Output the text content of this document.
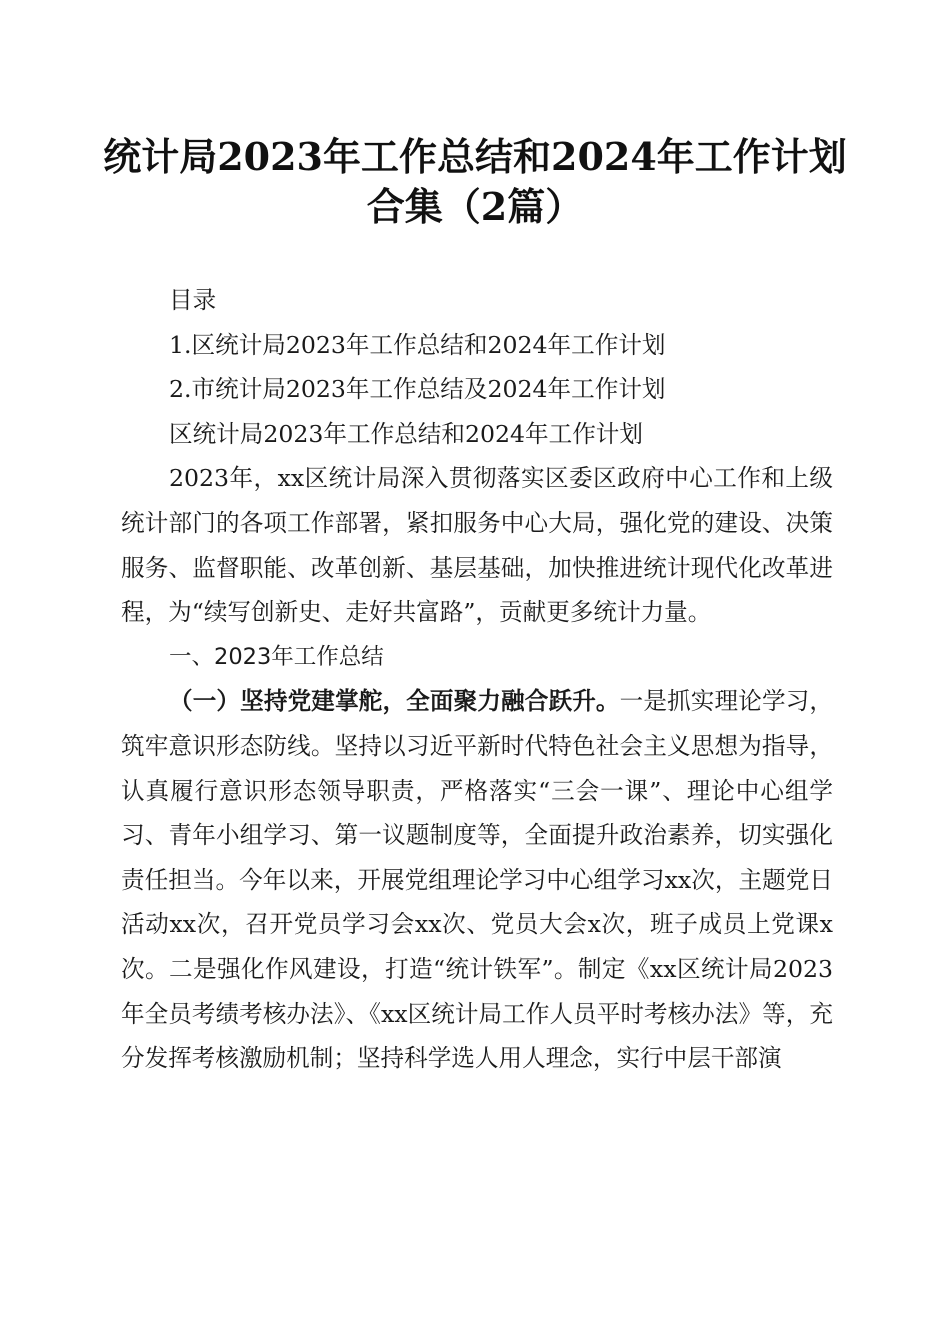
统计局2023年工作总结和2024年工作计划合集（2篇）

目录

1.区统计局2023年工作总结和2024年工作计划

2.市统计局2023年工作总结及2024年工作计划

区统计局2023年工作总结和2024年工作计划

2023年，xx区统计局深入贯彻落实区委区政府中心工作和上级统计部门的各项工作部署，紧扣服务中心大局，强化党的建设、决策服务、监督职能、改革创新、基层基础，加快推进统计现代化改革进程，为“续写创新史、走好共富路”，贡献更多统计力量。

一、2023年工作总结

（一）坚持党建掌舵，全面聚力融合跃升。一是抓实理论学习，筑牢意识形态防线。坚持以习近平新时代特色社会主义思想为指导，认真履行意识形态领导职责，严格落实“三会一课”、理论中心组学习、青年小组学习、第一议题制度等，全面提升政治素养，切实强化责任担当。今年以来，开展党组理论学习中心组学习xx次，主题党日活动xx次，召开党员学习会xx次、党员大会x次，班子成员上党课x次。二是强化作风建设，打造“统计铁军”。制定《xx区统计局2023年全员考绩考核办法》、《xx区统计局工作人员平时考核办法》等，充分发挥考核激励机制；坚持科学选人用人理念，实行中层干部演
